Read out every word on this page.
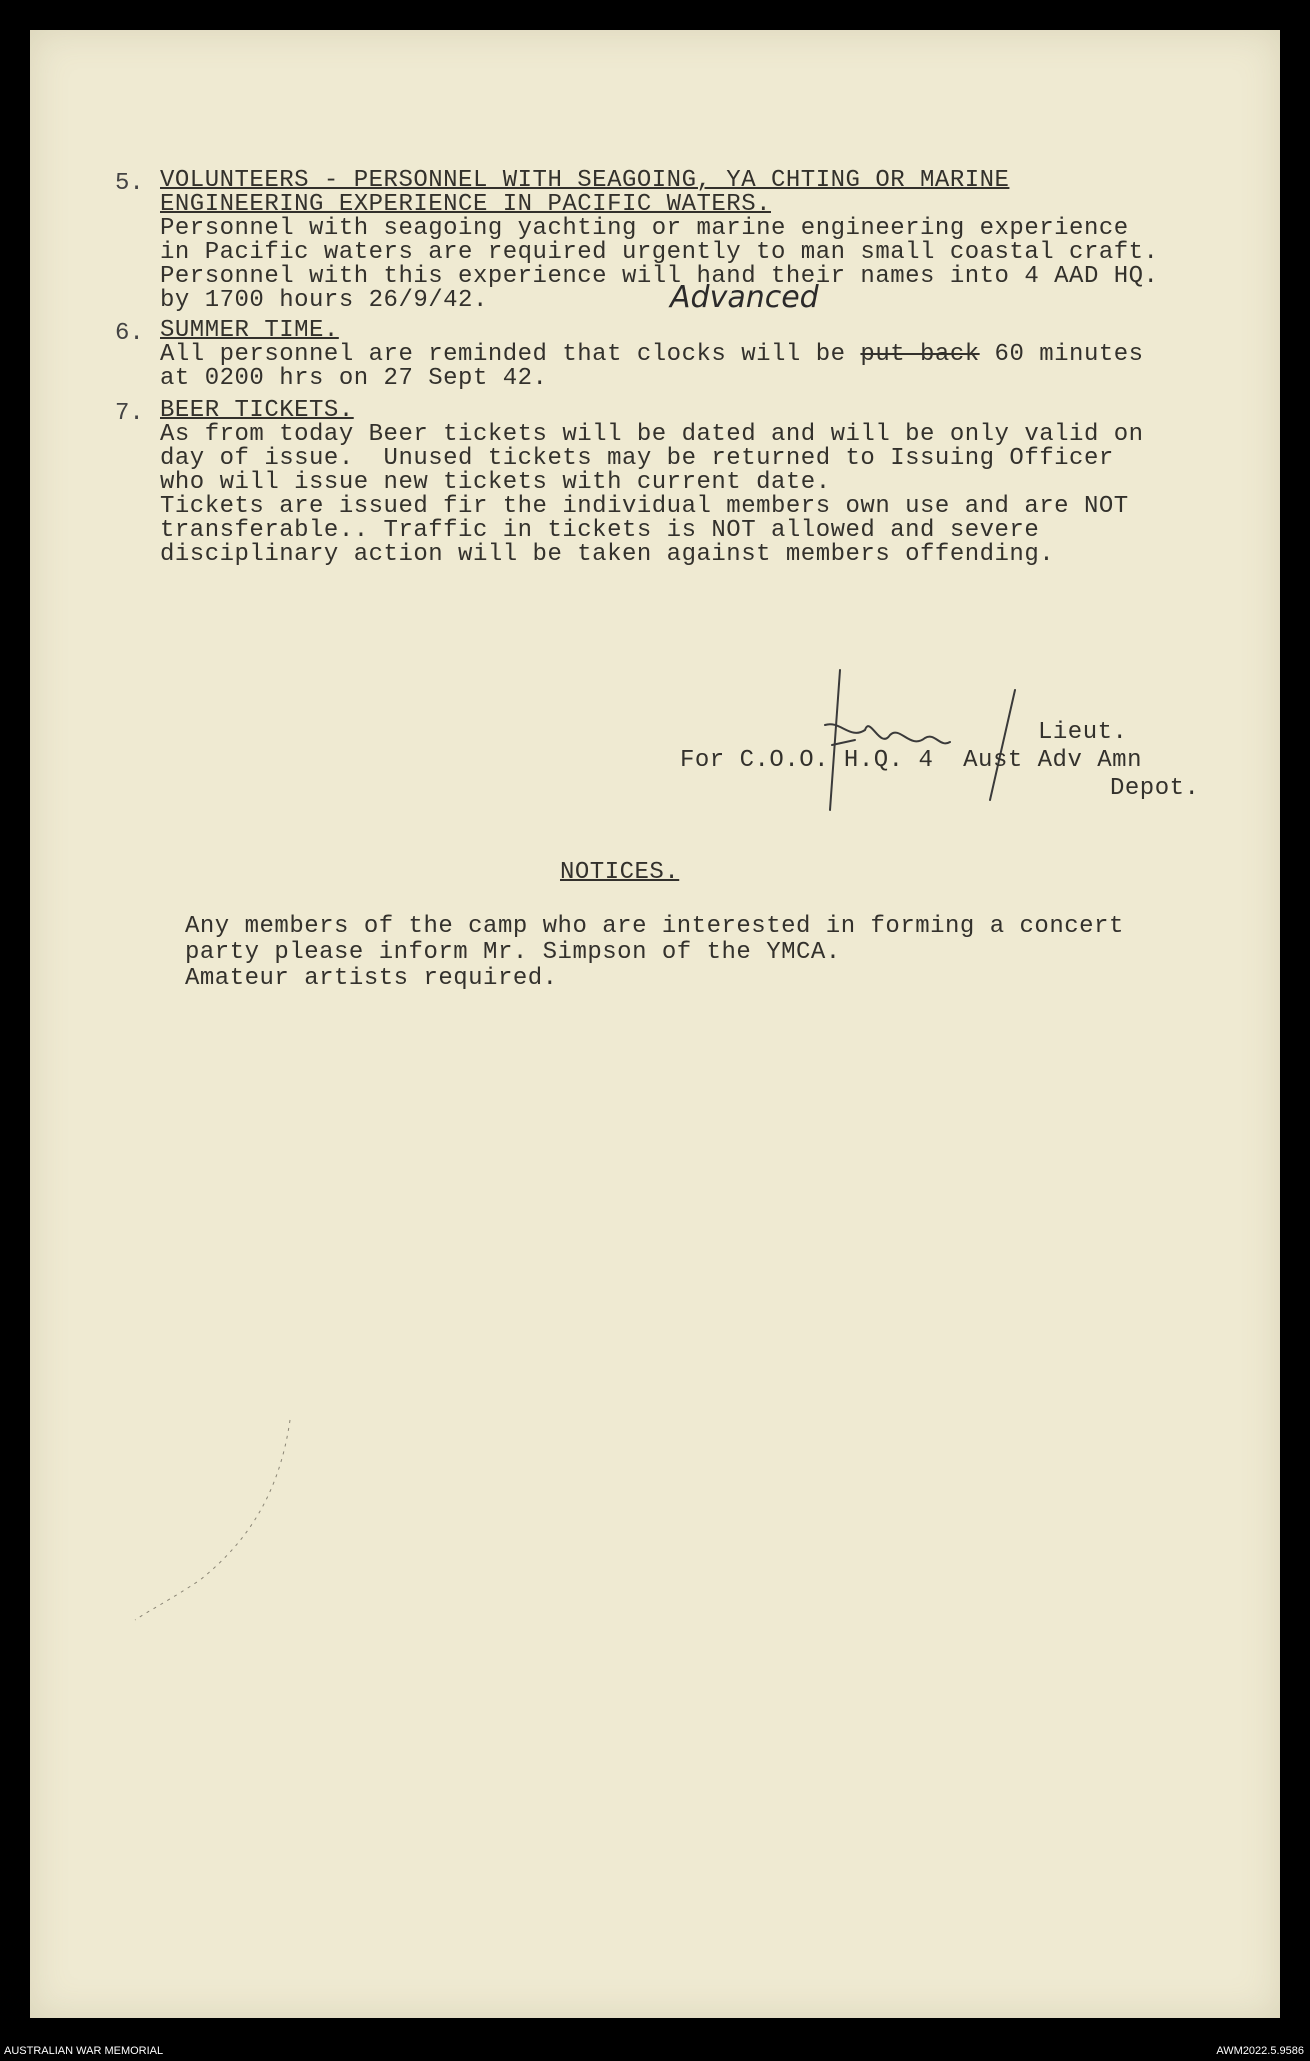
5. VOLUNTEERS - PERSONNEL WITH SEAGOING, YA CHTING OR MARINE
ENGINEERING EXPERIENCE IN PACIFIC WATERS.
Personnel with seagoing yachting or marine engineering experience
in Pacific waters are required urgently to man small coastal craft.
Personnel with this experience will hand their names into 4 AAD HQ.
by 1700 hours 26/9/42.
6. SUMMER TIME.
Advanced
All personnel are reminded that clocks will be put back 60 minutes
at 0200 hrs on 27 Sept 42.
7. BEER TICKETS.
As from today Beer tickets will be dated and will be only valid on
day of issue.  Unused tickets may be returned to Issuing Officer
who will issue new tickets with current date.
Tickets are issued fir the individual members own use and are NOT
transferable.. Traffic in tickets is NOT allowed and severe
disciplinary action will be taken against members offending.
Lieut.
For C.O.O. H.Q. 4  Aust Adv Amn
Depot.
NOTICES.
Any members of the camp who are interested in forming a concert
party please inform Mr. Simpson of the YMCA.
Amateur artists required.
AUSTRALIAN WAR MEMORIAL	AWM2022.5.9586
